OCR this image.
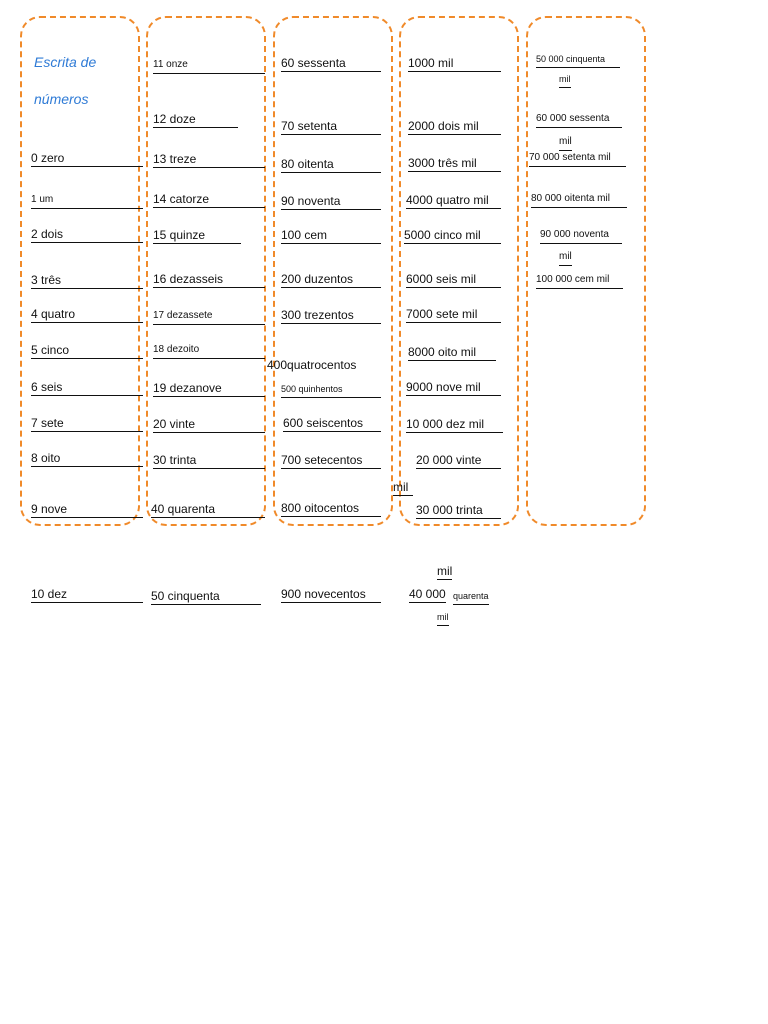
Escrita de
números
0 zero
1 um
2 dois
3 três
4 quatro
5 cinco
6 seis
7 sete
8 oito
9 nove
10 dez
11 onze
12 doze
13 treze
14 catorze
15 quinze
16 dezasseis
17 dezassete
18 dezoito
19 dezanove
20 vinte
30 trinta
40 quarenta
50 cinquenta
60 sessenta
70 setenta
80 oitenta
90 noventa
100 cem
200 duzentos
300 trezentos
400quatrocentos
500 quinhentos
600 seiscentos
700 setecentos
800 oitocentos
900 novecentos
1000 mil
2000 dois mil
3000 três mil
4000 quatro mil
5000 cinco mil
6000 seis mil
7000 sete mil
8000 oito mil
9000 nove mil
10 000 dez mil
20 000 vinte
mil
30 000 trinta
mil
40 000 quarenta
mil
50 000 cinquenta
mil
60 000 sessenta
mil
70 000 setenta mil
80 000 oitenta mil
90 000 noventa
mil
100 000 cem mil
